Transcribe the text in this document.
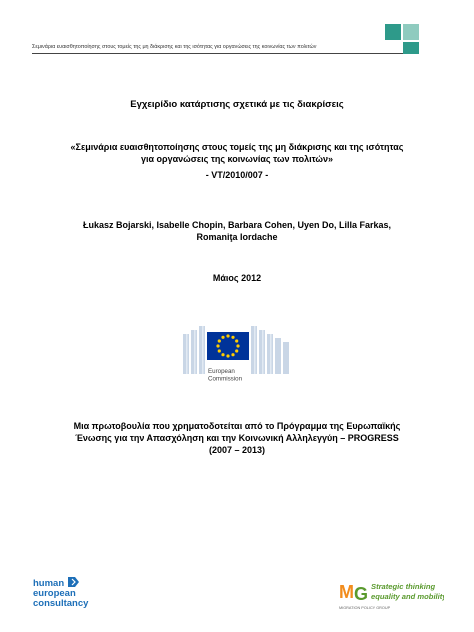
Σεμινάρια ευαισθητοποίησης στους τομείς της μη διάκρισης και της ισότητας για οργανώσεις της κοινωνίας των πολιτών
Εγχειρίδιο κατάρτισης σχετικά με τις διακρίσεις
«Σεμινάρια ευαισθητοποίησης στους τομείς της μη διάκρισης και της ισότητας
για οργανώσεις της κοινωνίας των πολιτών»
- VT/2010/007 -
Łukasz Bojarski, Isabelle Chopin, Barbara Cohen, Uyen Do, Lilla Farkas,
Romaniţa Iordache
Μάιος 2012
European
Commission
Μια πρωτοβουλία που χρηματοδοτείται από το Πρόγραμμα της Ευρωπαϊκής
Ένωσης για την Απασχόληση και την Κοινωνική Αλληλεγγύη – PROGRESS
(2007 – 2013)
human
european
consultancy
M G Strategic thinking
equality and mobility
MIGRATION POLICY GROUP
